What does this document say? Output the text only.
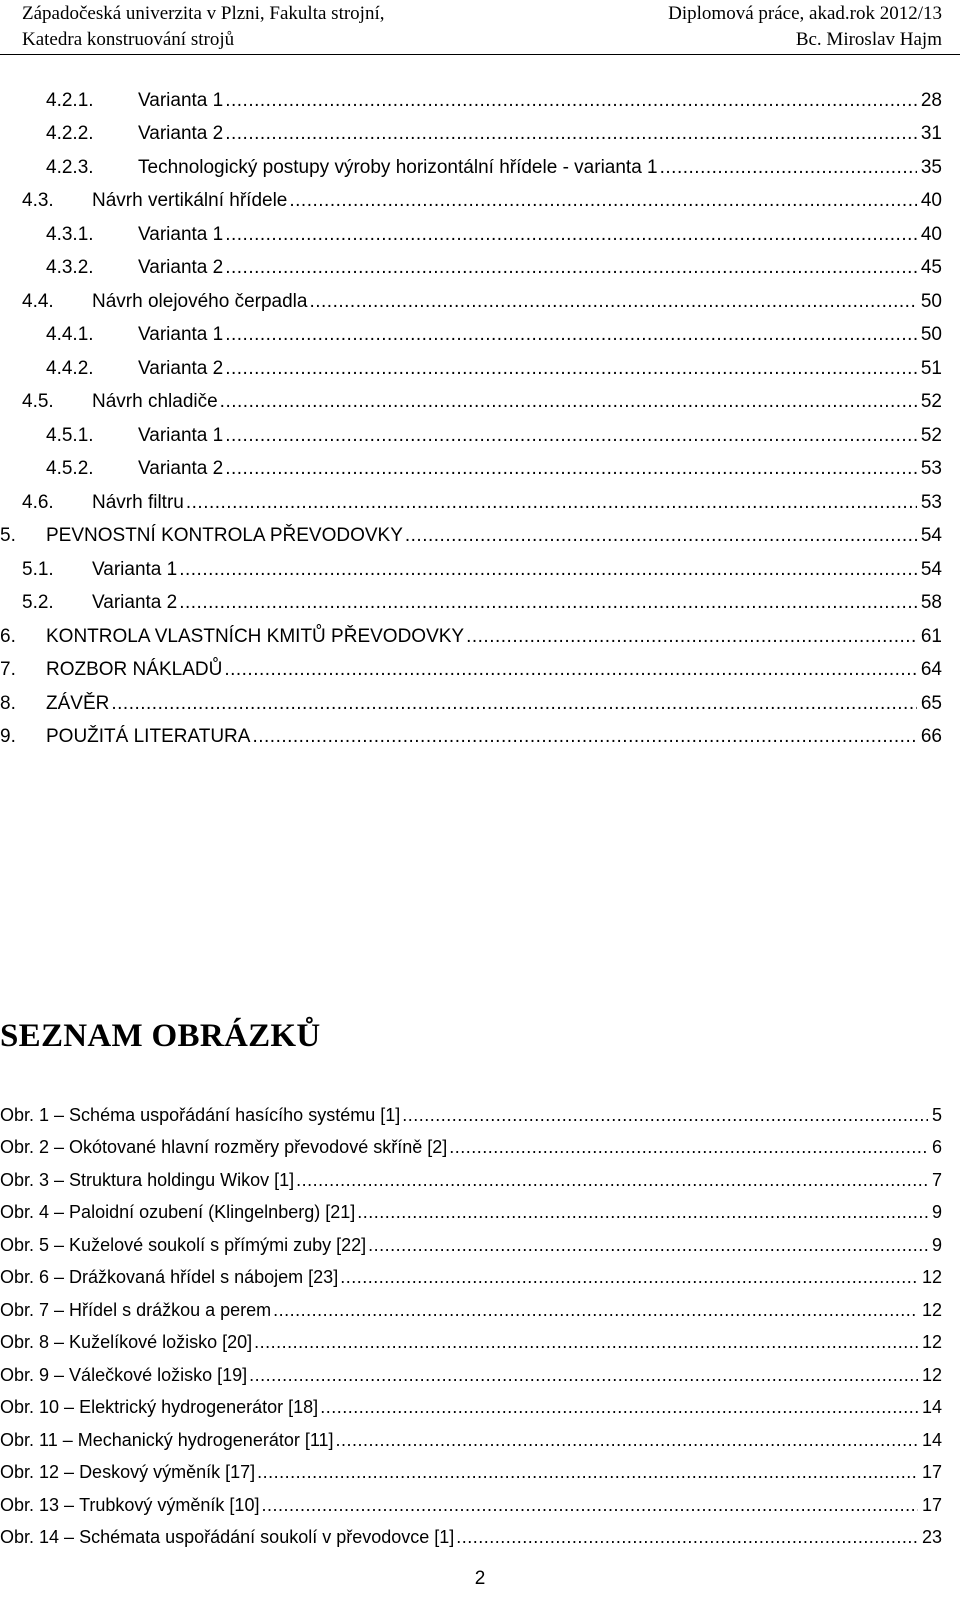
Západočeská univerzita v Plzni, Fakulta strojní,	Diplomová práce, akad.rok 2012/13
Katedra konstruování strojů	Bc. Miroslav Hajm
4.2.1.	Varianta 1 .....	28
4.2.2.	Varianta 2 .....	31
4.2.3.	Technologický postupy výroby horizontální hřídele - varianta 1 .....	35
4.3.	Návrh vertikální hřídele .....	40
4.3.1.	Varianta 1 .....	40
4.3.2.	Varianta 2 .....	45
4.4.	Návrh olejového čerpadla .....	50
4.4.1.	Varianta 1 .....	50
4.4.2.	Varianta 2 .....	51
4.5.	Návrh chladiče .....	52
4.5.1.	Varianta 1 .....	52
4.5.2.	Varianta 2 .....	53
4.6.	Návrh filtru .....	53
5.	PEVNOSTNÍ KONTROLA PŘEVODOVKY .....	54
5.1.	Varianta 1 .....	54
5.2.	Varianta 2 .....	58
6.	KONTROLA VLASTNÍCH KMITŮ PŘEVODOVKY .....	61
7.	ROZBOR NÁKLADŮ .....	64
8.	ZÁVĚR .....	65
9.	POUŽITÁ LITERATURA .....	66
SEZNAM OBRÁZKŮ
Obr. 1 – Schéma uspořádání hasícího systému [1] .....	5
Obr. 2 – Okótované hlavní rozměry převodové skříně [2] .....	6
Obr. 3 – Struktura holdingu Wikov [1] .....	7
Obr. 4 – Paloidní ozubení (Klingelnberg) [21] .....	9
Obr. 5 – Kuželové soukolí s přímými zuby [22] .....	9
Obr. 6 – Drážkovaná hřídel s nábojem [23] .....	12
Obr. 7 – Hřídel s drážkou a perem .....	12
Obr. 8 – Kuželíkové ložisko [20] .....	12
Obr. 9 – Válečkové ložisko [19] .....	12
Obr. 10 – Elektrický hydrogenerátor [18] .....	14
Obr. 11 – Mechanický hydrogenerátor [11] .....	14
Obr. 12 – Deskový výměník [17] .....	17
Obr. 13 – Trubkový výměník [10] .....	17
Obr. 14 – Schémata uspořádání soukolí v převodovce [1] .....	23
2
